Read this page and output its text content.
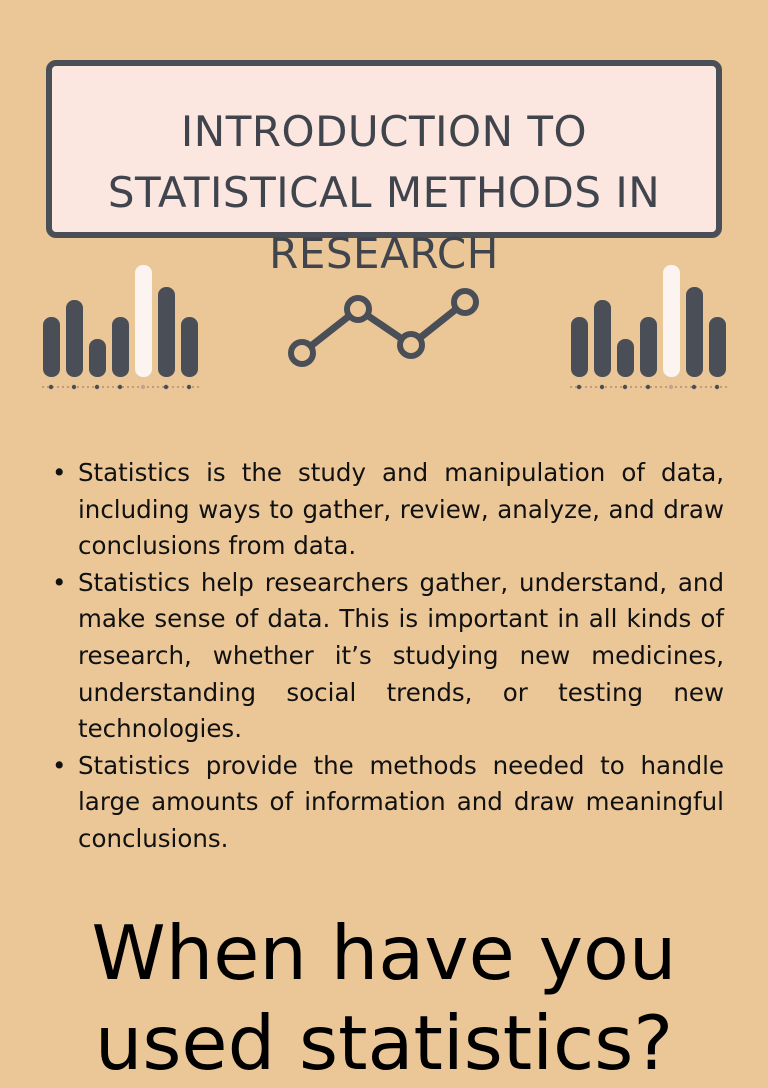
INTRODUCTION TO STATISTICAL METHODS IN RESEARCH
• Statistics is the study and manipulation of data, including ways to gather, review, analyze, and draw conclusions from data.
• Statistics help researchers gather, understand, and make sense of data. This is important in all kinds of research, whether it’s studying new medicines, understanding social trends, or testing new technologies.
• Statistics provide the methods needed to handle large amounts of information and draw meaningful conclusions.
When have you used statistics?
